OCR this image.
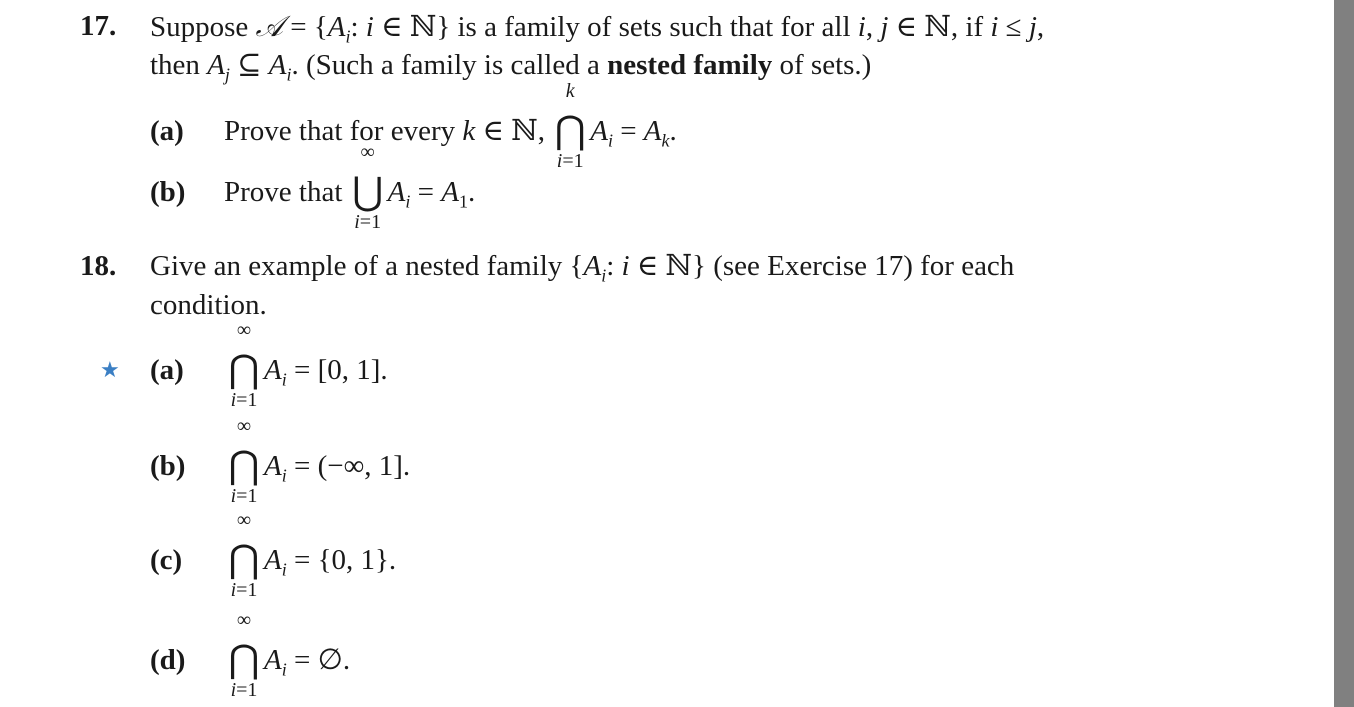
17. Suppose 𝒜 = {$A_i$: i ∈ ℕ} is a family of sets such that for all i, j ∈ ℕ, if i ≤ j,
then $A_j$ ⊆ $A_i$. (Such a family is called a nested family of sets.)
(a) Prove that for every k ∈ ℕ,
k
⋂
i=1
$A_i = A_k$.
(b) Prove that
∞
⋃
i=1
$A_i = A_1$.
18. Give an example of a nested family {$A_i$: i ∈ ℕ} (see Exercise 17) for each
condition.
★ (a)
∞
⋂
i=1
$A_i = [0$, 1].
(b)
∞
⋂
i=1
$A_i$ = (−∞, 1].
(c)
∞
⋂
i=1
$A_i = \{0$, 1}.
(d)
∞
⋂
i=1
$A_i$ = ∅.
